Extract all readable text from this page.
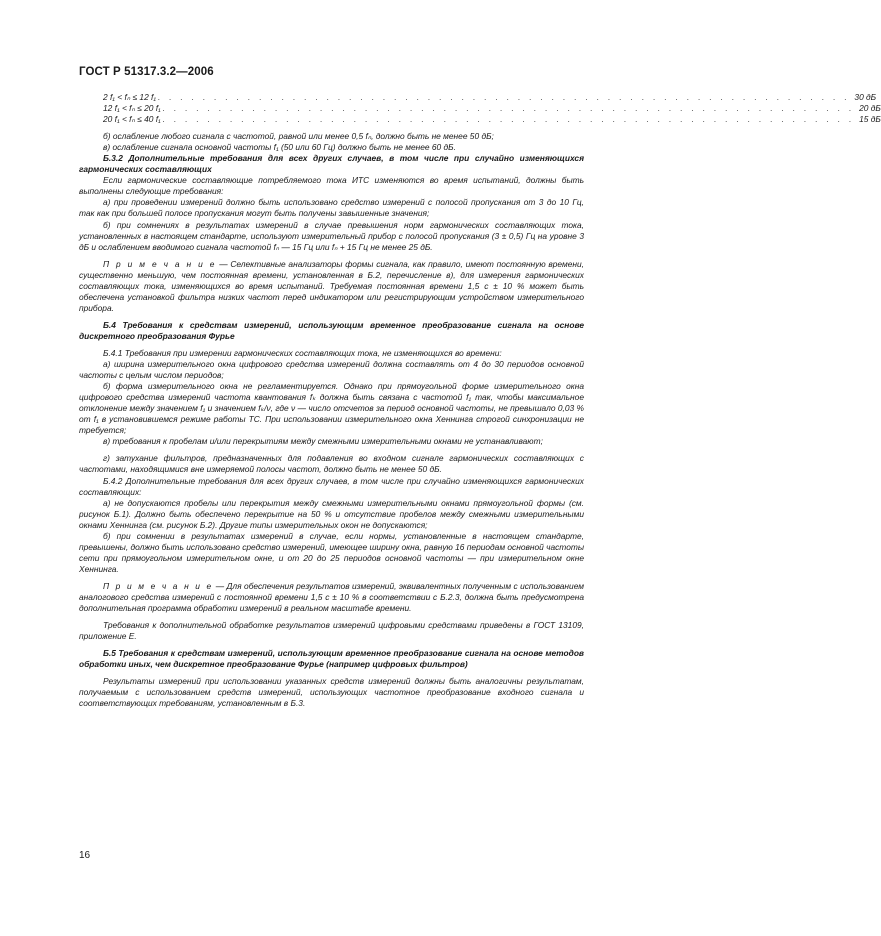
ГОСТ Р 51317.3.2—2006
2 f₁ < fₙ ≤ 12 f₁ . . . . . . . . . . . . . . . . . . . . . . . . . . . . . . . . . . . . . . . . . . . . . . . . . . . . . . . . . . . . . . 30 дБ
12 f₁ < fₙ ≤ 20 f₁ . . . . . . . . . . . . . . . . . . . . . . . . . . . . . . . . . . . . . . . . . . . . . . . . . . . . . . . . . . . . . . 20 дБ
20 f₁ < fₙ ≤ 40 f₁ . . . . . . . . . . . . . . . . . . . . . . . . . . . . . . . . . . . . . . . . . . . . . . . . . . . . . . . . . . . . . . 15 дБ

б) ослабление любого сигнала с частотой, равной или менее 0,5 fₙ, должно быть не менее 50 дБ;

в) ослабление сигнала основной частоты f₁ (50 или 60 Гц) должно быть не менее 60 дБ.

Б.3.2 Дополнительные требования для всех других случаев, в том числе при случайно изменяющихся гармонических составляющих

Если гармонические составляющие потребляемого тока ИТС изменяются во время испытаний, должны быть выполнены следующие требования:

а) при проведении измерений должно быть использовано средство измерений с полосой пропускания от 3 до 10 Гц, так как при большей полосе пропускания могут быть получены завышенные значения;

б) при сомнениях в результатах измерений в случае превышения норм гармонических составляющих тока, установленных в настоящем стандарте, используют измерительный прибор с полосой пропускания (3 ± 0,5) Гц на уровне 3 дБ и ослаблением вводимого сигнала частотой fₙ — 15 Гц или fₙ + 15 Гц не менее 25 дБ.

П р и м е ч а н и е — Селективные анализаторы формы сигнала, как правило, имеют постоянную времени, существенно меньшую, чем постоянная времени, установленная в Б.2, перечисление в), для измерения гармонических составляющих тока, изменяющихся во время испытаний. Требуемая постоянная времени 1,5 с ± 10 % может быть обеспечена установкой фильтра низких частот перед индикатором или регистрирующим устройством измерительного прибора.

Б.4 Требования к средствам измерений, использующим временное преобразование сигнала на основе дискретного преобразования Фурье

Б.4.1 Требования при измерении гармонических составляющих тока, не изменяющихся во времени:

а) ширина измерительного окна цифрового средства измерений должна составлять от 4 до 30 периодов основной частоты с целым числом периодов;

б) форма измерительного окна не регламентируется. Однако при прямоугольной форме измерительного окна цифрового средства измерений частота квантования fₖ должна быть связана с частотой f₁ так, чтобы максимальное отклонение между значением f₁ и значением fₖ/ν, где ν — число отсчетов за период основной частоты, не превышало 0,03 % от f₁ в установившемся режиме работы ТС. При использовании измерительного окна Хеннинга строгой синхронизации не требуется;

в) требования к пробелам и/или перекрытиям между смежными измерительными окнами не устанавливают;

г) затухание фильтров, предназначенных для подавления во входном сигнале гармонических составляющих с частотами, находящимися вне измеряемой полосы частот, должно быть не менее 50 дБ.

Б.4.2 Дополнительные требования для всех других случаев, в том числе при случайно изменяющихся гармонических составляющих:

а) не допускаются пробелы или перекрытия между смежными измерительными окнами прямоугольной формы (см. рисунок Б.1). Должно быть обеспечено перекрытие на 50 % и отсутствие пробелов между смежными измерительными окнами Хеннинга (см. рисунок Б.2). Другие типы измерительных окон не допускаются;

б) при сомнении в результатах измерений в случае, если нормы, установленные в настоящем стандарте, превышены, должно быть использовано средство измерений, имеющее ширину окна, равную 16 периодам основной частоты сети при прямоугольном измерительном окне, и от 20 до 25 периодов основной частоты — при измерительном окне Хеннинга.

П р и м е ч а н и е — Для обеспечения результатов измерений, эквивалентных полученным с использованием аналогового средства измерений с постоянной времени 1,5 с ± 10 % в соответствии с Б.2.3, должна быть предусмотрена дополнительная программа обработки измерений в реальном масштабе времени.

Требования к дополнительной обработке результатов измерений цифровыми средствами приведены в ГОСТ 13109, приложение Е.

Б.5 Требования к средствам измерений, использующим временное преобразование сигнала на основе методов обработки иных, чем дискретное преобразование Фурье (например цифровых фильтров)

Результаты измерений при использовании указанных средств измерений должны быть аналогичны результатам, получаемым с использованием средств измерений, использующих частотное преобразование входного сигнала и соответствующих требованиям, установленным в Б.3.

16
